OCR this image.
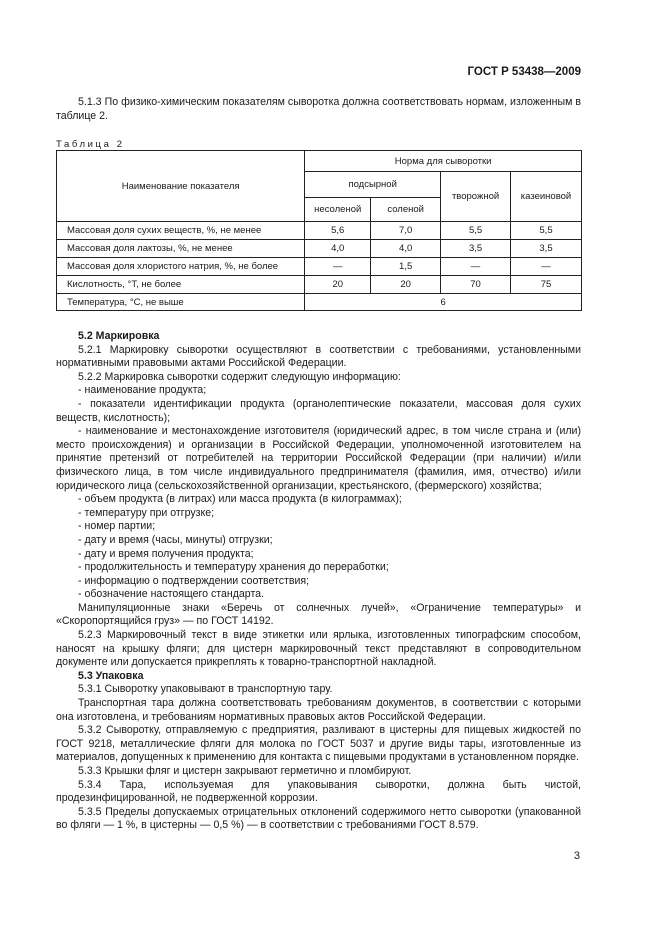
ГОСТ Р 53438—2009

5.1.3 По физико-химическим показателям сыворотка должна соответствовать нормам, изложенным в таблице 2.

Таблица 2
Наименование показателя	Норма для сыворотки			
	подсырной		творожной	казеиновой
	несоленой	соленой		
Массовая доля сухих веществ, %, не менее	5,6	7,0	5,5	5,5
Массовая доля лактозы, %, не менее	4,0	4,0	3,5	3,5
Массовая доля хлористого натрия, %, не более	—	1,5	—	—
Кислотность, °Т, не более	20	20	70	75
Температура, °С, не выше	6			

5.2 Маркировка

5.2.1 Маркировку сыворотки осуществляют в соответствии с требованиями, установленными нормативными правовыми актами Российской Федерации.

5.2.2 Маркировка сыворотки содержит следующую информацию:

- наименование продукта;

- показатели идентификации продукта (органолептические показатели, массовая доля сухих веществ, кислотность);

- наименование и местонахождение изготовителя (юридический адрес, в том числе страна и (или) место происхождения) и организации в Российской Федерации, уполномоченной изготовителем на принятие претензий от потребителей на территории Российской Федерации (при наличии) и/или физического лица, в том числе индивидуального предпринимателя (фамилия, имя, отчество) и/или юридического лица (сельскохозяйственной организации, крестьянского, (фермерского) хозяйства;

- объем продукта (в литрах) или масса продукта (в килограммах);

- температуру при отгрузке;

- номер партии;

- дату и время (часы, минуты) отгрузки;

- дату и время получения продукта;

- продолжительность и температуру хранения до переработки;

- информацию о подтверждении соответствия;

- обозначение настоящего стандарта.

Манипуляционные знаки «Беречь от солнечных лучей», «Ограничение температуры» и «Скоропортящийся груз» — по ГОСТ 14192.

5.2.3 Маркировочный текст в виде этикетки или ярлыка, изготовленных типографским способом, наносят на крышку фляги; для цистерн маркировочный текст представляют в сопроводительном документе или допускается прикреплять к товарно-транспортной накладной.

5.3 Упаковка

5.3.1 Сыворотку упаковывают в транспортную тару.

Транспортная тара должна соответствовать требованиям документов, в соответствии с которыми она изготовлена, и требованиям нормативных правовых актов Российской Федерации.

5.3.2 Сыворотку, отправляемую с предприятия, разливают в цистерны для пищевых жидкостей по ГОСТ 9218, металлические фляги для молока по ГОСТ 5037 и другие виды тары, изготовленные из материалов, допущенных к применению для контакта с пищевыми продуктами в установленном порядке.

5.3.3 Крышки фляг и цистерн закрывают герметично и пломбируют.

5.3.4 Тара, используемая для упаковывания сыворотки, должна быть чистой, продезинфицированной, не подверженной коррозии.

5.3.5 Пределы допускаемых отрицательных отклонений содержимого нетто сыворотки (упакованной во фляги — 1 %, в цистерны — 0,5 %) — в соответствии с требованиями ГОСТ 8.579.

3
